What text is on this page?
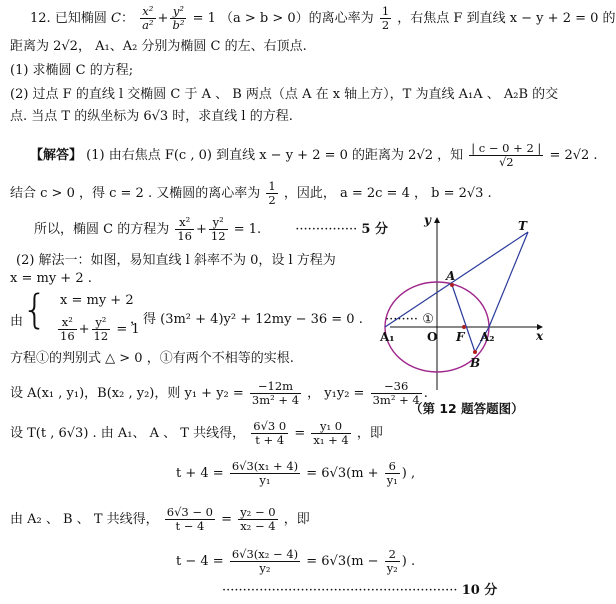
12. 已知椭圆 C： $\frac{\text{x²}}{\text{a²}} + \frac{\text{y²}}{\text{b²}} = 1$ （a > b > 0）的离心率为 $\frac{1}{2}$ ，右焦点 F 到直线 x − y + 2 = 0 的
距离为 2√2， A₁、A₂ 分别为椭圆 C 的左、右顶点.
(1) 求椭圆 C 的方程;
(2) 过点 F 的直线 l 交椭圆 C 于 A 、 B 两点（点 A 在 x 轴上方），T 为直线 A₁A 、 A₂B 的交
点. 当点 T 的纵坐标为 6√3 时，求直线 l 的方程.
【解答】 (1) 由右焦点 F(c , 0) 到直线 x − y + 2 = 0 的距离为 2√2 ，知 $\frac{| c - 0 + 2 |}{√2} = 2√2$ .
结合 c > 0 ，得 c = 2 . 又椭圆的离心率为 $\frac{1}{2}$ ，因此， a = 2c = 4 ， b = 2√3 .
所以，椭圆 C 的方程为 $\frac{\text{x²}}{16} + \frac{\text{y²}}{12} = 1$.	··············· 5 分
(2) 解法一：如图，易知直线 l 斜率不为 0，设 l 方程为
x = my + 2 .
由
{ x = my + 2
$\frac{\text{x²}}{16} + \frac{\text{y²}}{12} = 1$
，得 (3m² + 4)y² + 12my − 36 = 0 . ········ ①
方程①的判别式 △ > 0 ，①有两个不相等的实根.
设 A(x₁ , y₁)，B(x₂ , y₂)，则 $y_1 + y_2 = \frac{-12m}{\text{3m² + 4}}$ ， $y_1y_2 = \frac{-36}{\text{3m² + 4}}$ .
设 T(t , 6√3) . 由 A₁、 A 、 T 共线得， $\frac{6√3 0}{t + 4} = \frac{\text{y₁ 0}}{\text{x₁ + 4}}$ ，即
$t + 4 = \frac{\text{6√3(x₁ + 4)}}{\text{y₁}} = 6√3(m + \frac{6}{\text{y₁}}$ ) ,
由 A₂ 、 B 、 T 共线得， $\frac{6√3 - 0}{t - 4} = \frac{\text{y₂ − 0}}{\text{x₂ − 4}}$ ，即
$t - 4 = \frac{\text{6√3(x₂ − 4)}}{\text{y₂}} = 6√3(m - \frac{2}{\text{y₂}}$ ) .
························································· 10 分
y
x
T
A
A₁	O F A₂
B
（第 12 题答题图）
